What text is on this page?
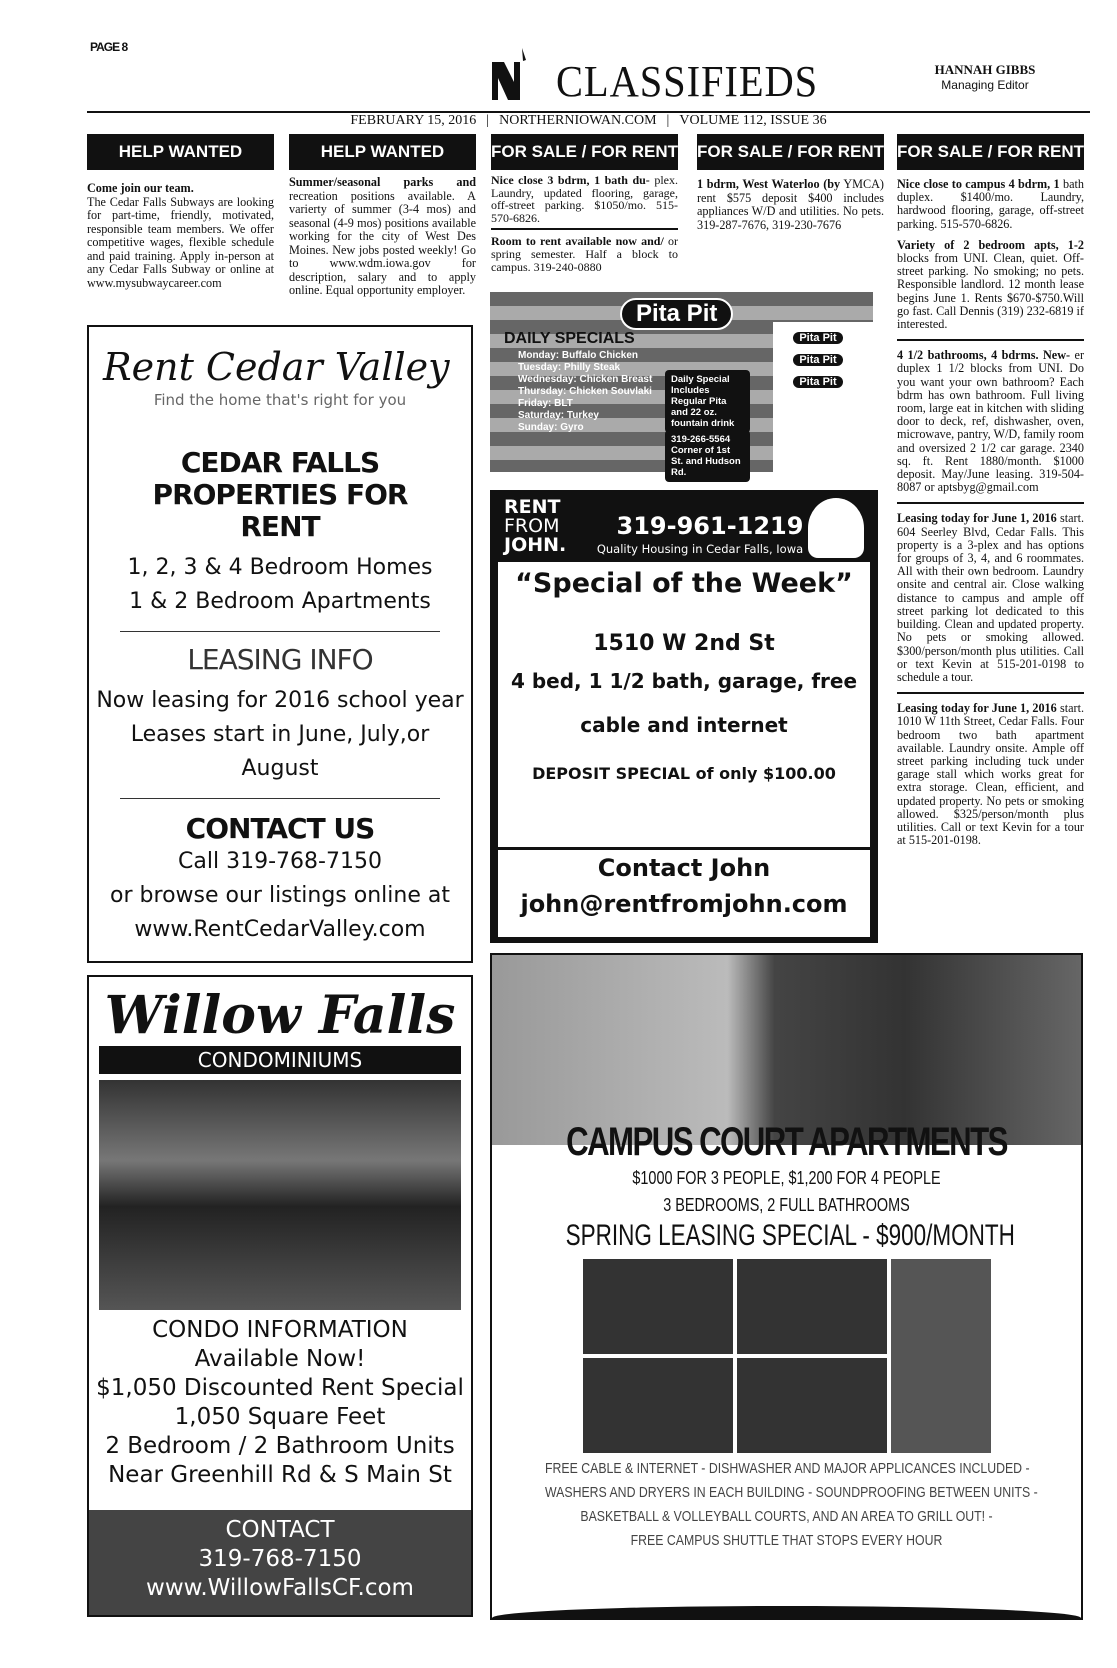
PAGE 8
CLASSIFIEDS	HANNAH GIBBS
Managing Editor
FEBRUARY 15, 2016 | NORTHERNIOWAN.COM | VOLUME 112, ISSUE 36
HELP WANTED	HELP WANTED	FOR SALE / FOR RENT FOR SALE / FOR RENT FOR SALE / FOR RENT

Come join our team.
The Cedar Falls Subways are looking for part-time, friendly, motivated, responsible team members. We offer competitive wages, flexible schedule and paid training. Apply in-person at any Cedar Falls Subway or online at www.mysubwaycareer.com

Summer/seasonal parks and recreation positions available. A varierty of summer (3-4 mos) and seasonal (4-9 mos) positions available working for the city of West Des Moines. New jobs posted weekly! Go to www.wdm.iowa.gov for description, salary and to apply online. Equal opportunity employer.

Nice close 3 bdrm, 1 bath du- plex. Laundry, updated flooring, garage, off-street parking. $1050/mo. 515-570-6826.

Room to rent available now and/ or spring semester. Half a block to campus. 319-240-0880

1 bdrm, West Waterloo (by YMCA) rent $575 deposit $400 includes appliances W/D and utilities. No pets. 319-287-7676, 319-230-7676

Nice close to campus 4 bdrm, 1 bath duplex. $1400/mo. Laundry, hardwood flooring, garage, off-street parking. 515-570-6826.

Variety of 2 bedroom apts, 1-2 blocks from UNI. Clean, quiet. Off-street parking. No smoking; no pets. Responsible landlord. 12 month lease begins June 1. Rents $670-$750.Will go fast. Call Dennis (319) 232-6819 if interested.

4 1/2 bathrooms, 4 bdrms. New- er duplex 1 1/2 blocks from UNI. Do you want your own bathroom? Each bdrm has own bathroom. Full living room, large eat in kitchen with sliding door to deck, ref, dishwasher, oven, microwave, pantry, W/D, family room and oversized 2 1/2 car garage. 2340 sq. ft. Rent 1880/month. $1000 deposit. May/June leasing. 319-504-8087 or aptsbyg@gmail.com

Leasing today for June 1, 2016 start. 604 Seerley Blvd, Cedar Falls. This property is a 3-plex and has options for groups of 3, 4, and 6 roommates. All with their own bedroom. Laundry onsite and central air. Close walking distance to campus and ample off street parking lot dedicated to this building. Clean and updated property. No pets or smoking allowed. $300/person/month plus utilities. Call or text Kevin at 515-201-0198 to schedule a tour.

Leasing today for June 1, 2016 start. 1010 W 11th Street, Cedar Falls. Four bedroom two bath apartment available. Laundry onsite. Ample off street parking including tuck under garage stall which works great for extra storage. Clean, efficient, and updated property. No pets or smoking allowed. $325/person/month plus utilities. Call or text Kevin for a tour at 515-201-0198.

Rent Cedar Valley
Find the home that's right for you
CEDAR FALLS PROPERTIES FOR RENT
1, 2, 3 & 4 Bedroom Homes
1 & 2 Bedroom Apartments
LEASING INFO
Now leasing for 2016 school year
Leases start in June, July,or August
CONTACT US
Call 319-768-7150
or browse our listings online at
www.RentCedarValley.com
Willow Falls
CONDOMINIUMS
CONDO INFORMATION
Available Now!
$1,050 Discounted Rent Special
1,050 Square Feet
2 Bedroom / 2 Bathroom Units
Near Greenhill Rd & S Main St
CONTACT
319-768-7150
www.WillowFallsCF.com
Pita Pit
DAILY SPECIALS
Monday: Buffalo Chicken
Tuesday: Philly Steak
Wednesday: Chicken Breast
Thursday: Chicken Souvlaki
Friday: BLT
Saturday: Turkey
Sunday: Gyro
Daily Special Includes Regular Pita and 22 oz. fountain drink
319-266-5564 Corner of 1st St. and Hudson Rd.
Pita Pit
Pita Pit
Pita Pit
RENT
FROM
JOHN.
319-961-1219
Quality Housing in Cedar Falls, Iowa
“Special of the Week”
1510 W 2nd St
4 bed, 1 1/2 bath, garage, free
cable and internet
DEPOSIT SPECIAL of only $100.00
Contact John
john@rentfromjohn.com
CAMPUS COURT APARTMENTS
$1000 FOR 3 PEOPLE, $1,200 FOR 4 PEOPLE
3 BEDROOMS, 2 FULL BATHROOMS
SPRING LEASING SPECIAL - $900/MONTH
FREE CABLE & INTERNET - DISHWASHER AND MAJOR APPLICANCES INCLUDED -
WASHERS AND DRYERS IN EACH BUILDING - SOUNDPROOFING BETWEEN UNITS -
BASKETBALL & VOLLEYBALL COURTS, AND AN AREA TO GRILL OUT! -
FREE CAMPUS SHUTTLE THAT STOPS EVERY HOUR
